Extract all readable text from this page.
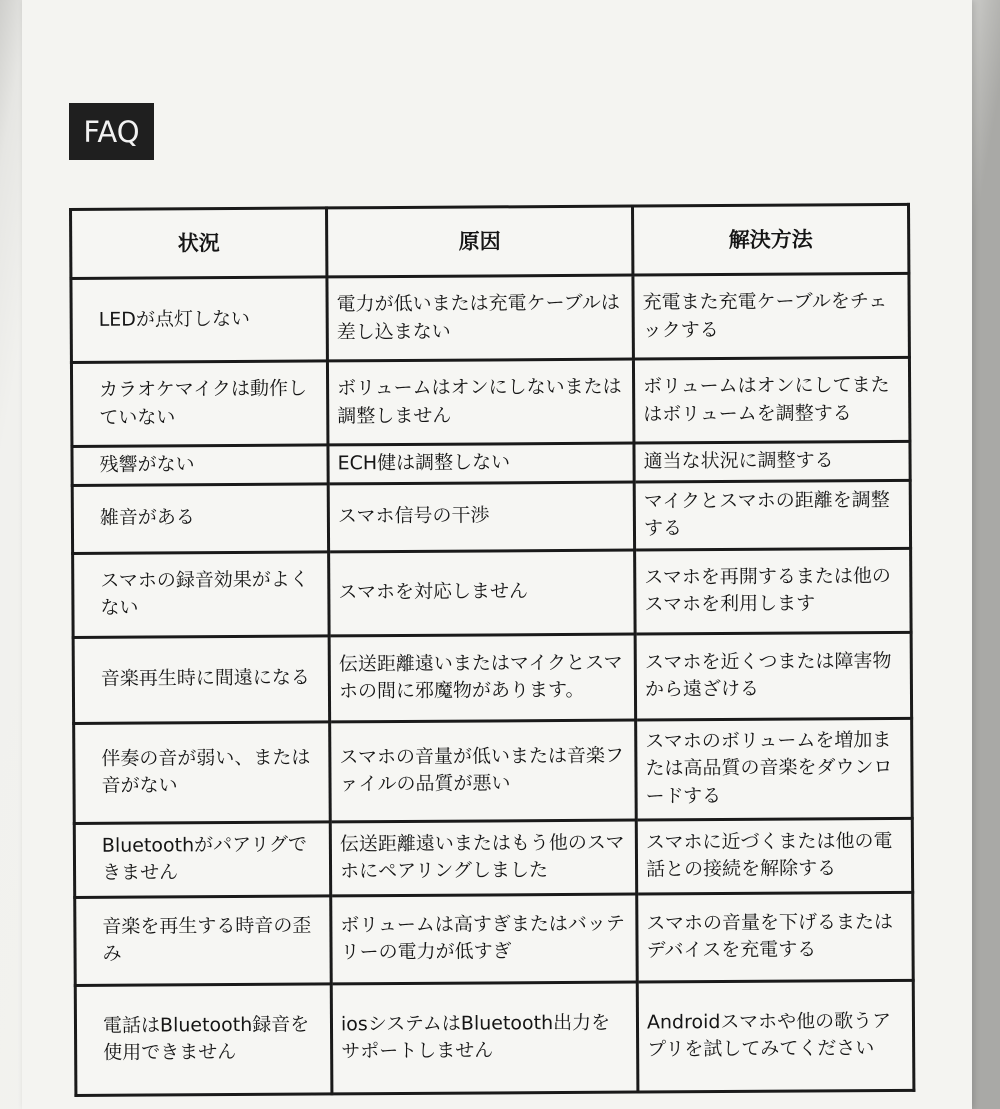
FAQ
状況	原因	解決方法
LEDが点灯しない	電力が低いまたは充電ケーブルは差し込まない	充電また充電ケーブルをチェックする
カラオケマイクは動作していない	ボリュームはオンにしないまたは調整しません	ボリュームはオンにしてまたはボリュームを調整する
残響がない	ECH健は調整しない	適当な状況に調整する
雑音がある	スマホ信号の干渉	マイクとスマホの距離を調整する
スマホの録音効果がよくない	スマホを対応しません	スマホを再開するまたは他のスマホを利用します
音楽再生時に間遠になる	伝送距離遠いまたはマイクとスマホの間に邪魔物があります。	スマホを近くつまたは障害物から遠ざける
伴奏の音が弱い、または音がない	スマホの音量が低いまたは音楽ファイルの品質が悪い	スマホのボリュームを増加または高品質の音楽をダウンロードする
Bluetoothがパアリグできません	伝送距離遠いまたはもう他のスマホにペアリングしました	スマホに近づくまたは他の電話との接続を解除する
音楽を再生する時音の歪み	ボリュームは高すぎまたはバッテリーの電力が低すぎ	スマホの音量を下げるまたはデバイスを充電する
電話はBluetooth録音を使用できません	iosシステムはBluetooth出力をサポートしません	Androidスマホや他の歌うアプリを試してみてください
